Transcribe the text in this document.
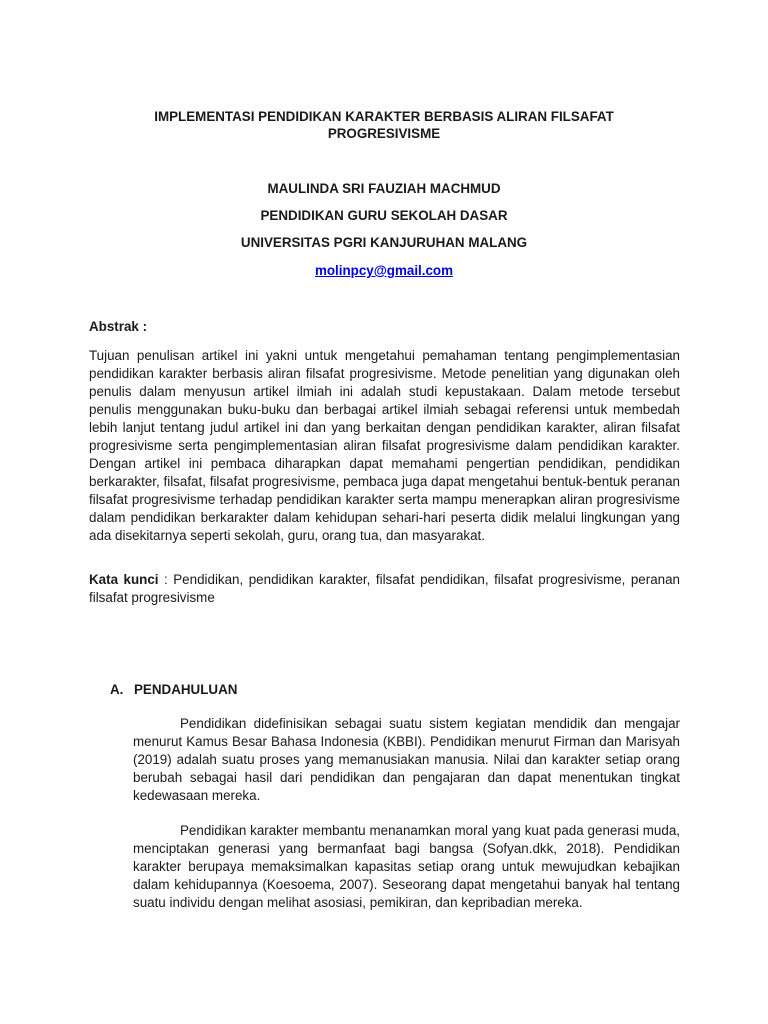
IMPLEMENTASI PENDIDIKAN KARAKTER BERBASIS ALIRAN FILSAFAT PROGRESIVISME

MAULINDA SRI FAUZIAH MACHMUD

PENDIDIKAN GURU SEKOLAH DASAR

UNIVERSITAS PGRI KANJURUHAN MALANG

molinpcy@gmail.com

Abstrak :

Tujuan penulisan artikel ini yakni untuk mengetahui pemahaman tentang pengimplementasian pendidikan karakter berbasis aliran filsafat progresivisme. Metode penelitian yang digunakan oleh penulis dalam menyusun artikel ilmiah ini adalah studi kepustakaan. Dalam metode tersebut penulis menggunakan buku-buku dan berbagai artikel ilmiah sebagai referensi untuk membedah lebih lanjut tentang judul artikel ini dan yang berkaitan dengan pendidikan karakter, aliran filsafat progresivisme serta pengimplementasian aliran filsafat progresivisme dalam pendidikan karakter. Dengan artikel ini pembaca diharapkan dapat memahami pengertian pendidikan, pendidikan berkarakter, filsafat, filsafat progresivisme, pembaca juga dapat mengetahui bentuk-bentuk peranan filsafat progresivisme terhadap pendidikan karakter serta mampu menerapkan aliran progresivisme dalam pendidikan berkarakter dalam kehidupan sehari-hari peserta didik melalui lingkungan yang ada disekitarnya seperti sekolah, guru, orang tua, dan masyarakat.

Kata kunci : Pendidikan, pendidikan karakter, filsafat pendidikan, filsafat progresivisme, peranan filsafat progresivisme

A. PENDAHULUAN

Pendidikan didefinisikan sebagai suatu sistem kegiatan mendidik dan mengajar menurut Kamus Besar Bahasa Indonesia (KBBI). Pendidikan menurut Firman dan Marisyah (2019) adalah suatu proses yang memanusiakan manusia. Nilai dan karakter setiap orang berubah sebagai hasil dari pendidikan dan pengajaran dan dapat menentukan tingkat kedewasaan mereka.

Pendidikan karakter membantu menanamkan moral yang kuat pada generasi muda, menciptakan generasi yang bermanfaat bagi bangsa (Sofyan.dkk, 2018). Pendidikan karakter berupaya memaksimalkan kapasitas setiap orang untuk mewujudkan kebajikan dalam kehidupannya (Koesoema, 2007). Seseorang dapat mengetahui banyak hal tentang suatu individu dengan melihat asosiasi, pemikiran, dan kepribadian mereka.
